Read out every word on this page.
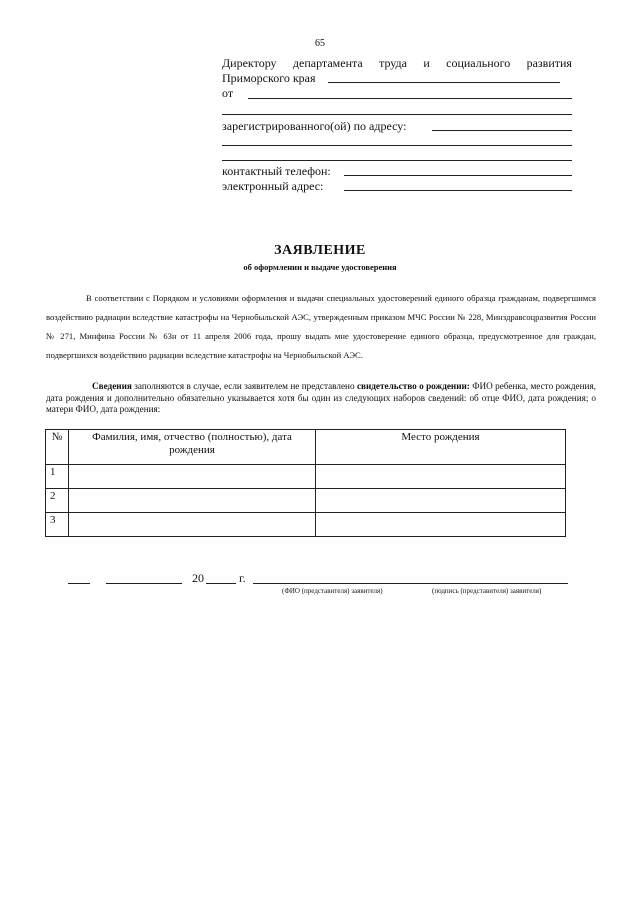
65
Директору департамента труда и социального развития
Приморского края
от
зарегистрированного(ой) по адресу:
контактный телефон:
электронный адрес:
ЗАЯВЛЕНИЕ
об оформлении и выдаче удостоверения

В соответствии с Порядком и условиями оформления и выдачи специальных удостоверений единого образца гражданам, подвергшимся воздействию радиации вследствие катастрофы на Чернобыльской АЭС, утвержденным приказом МЧС России № 228, Минздравсоцразвития России № 271, Минфина России № 63н от 11 апреля 2006 года, прошу выдать мне удостоверение единого образца, предусмотренное для граждан, подвергшихся воздействию радиации вследствие катастрофы на Чернобыльской АЭС.

Сведения заполняются в случае, если заявителем не представлено свидетельство о рождении: ФИО ребенка, место рождения, дата рождения и дополнительно обязательно указывается хотя бы один из следующих наборов сведений: об отце ФИО, дата рождения; о матери ФИО, дата рождения:

№	Фамилия, имя, отчество (полностью), дата рождения	Место рождения
1		
2		
3		
20	г.
(ФИО (представителя) заявителя)	(подпись (представителя) заявителя)
